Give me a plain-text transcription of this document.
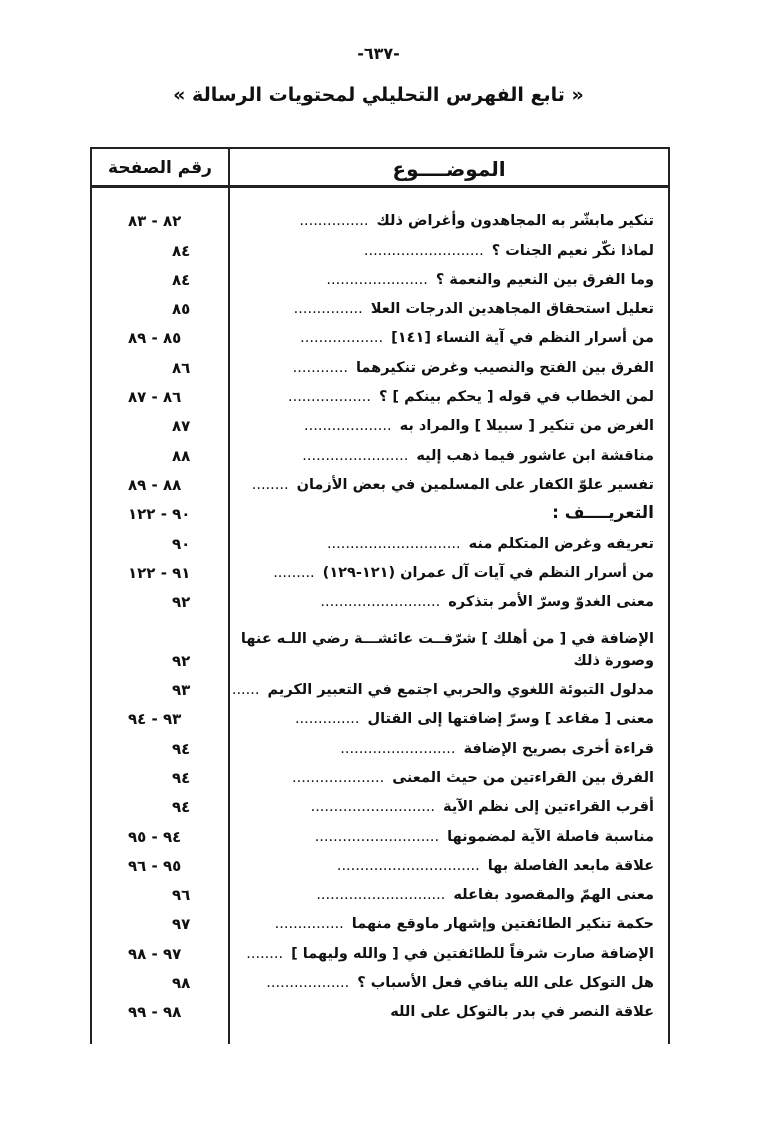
-٦٣٧-
« تابع الفهرس التحليلي لمحتويات الرسالة »
الموضــــوع
رقم الصفحة
تنكير مابشّر به المجاهدون وأغراض ذلك...............
٨٢ - ٨٣
لماذا نكّر نعيم الجنات ؟..........................
٨٤
وما الفرق بين النعيم والنعمة ؟......................
٨٤
تعليل استحقاق المجاهدين الدرجات العلا...............
٨٥
من أسرار النظم في آية النساء [١٤١]..................
٨٥ - ٨٩
الفرق بين الفتح والنصيب وغرض تنكيرهما............
٨٦
لمن الخطاب في قوله [ يحكم بينكم ] ؟..................
٨٦ - ٨٧
الغرض من تنكير [ سبيلا ] والمراد به...................
٨٧
مناقشة ابن عاشور فيما ذهب إليه.......................
٨٨
تفسير علوّ الكفار على المسلمين في بعض الأزمان........
٨٨ - ٨٩
التعريــــف :
٩٠ - ١٢٢
تعريفه وغرض المتكلم منه.............................
٩٠
من أسرار النظم في آيات آل عمران (١٢١-١٢٩).........
٩١ - ١٢٢
معنى الغدوّ وسرّ الأمر بتذكره..........................
٩٢
الإضافة في [ من أهلك ] شرّفــت عائشـــة رضي اللـه عنها
وصورة ذلك
٩٢
مدلول التبوئة اللغوي والحربي اجتمع في التعبير الكريم......
٩٣
معنى [ مقاعد ] وسرّ إضافتها إلى القتال..............
٩٣ - ٩٤
قراءة أخرى بصريح الإضافة.........................
٩٤
الفرق بين القراءتين من حيث المعنى....................
٩٤
أقرب القراءتين إلى نظم الآية...........................
٩٤
مناسبة فاصلة الآية لمضمونها...........................
٩٤ - ٩٥
علاقة مابعد الفاصلة بها...............................
٩٥ - ٩٦
معنى الهمّ والمقصود بفاعله............................
٩٦
حكمة تنكير الطائفتين وإشهار ماوقع منهما...............
٩٧
الإضافة صارت شرفاً للطائفتين في [ والله وليهما ]........
٩٧ - ٩٨
هل التوكل على الله ينافي فعل الأسباب ؟..................
٩٨
علاقة النصر في بدر بالتوكل على الله
٩٨ - ٩٩
